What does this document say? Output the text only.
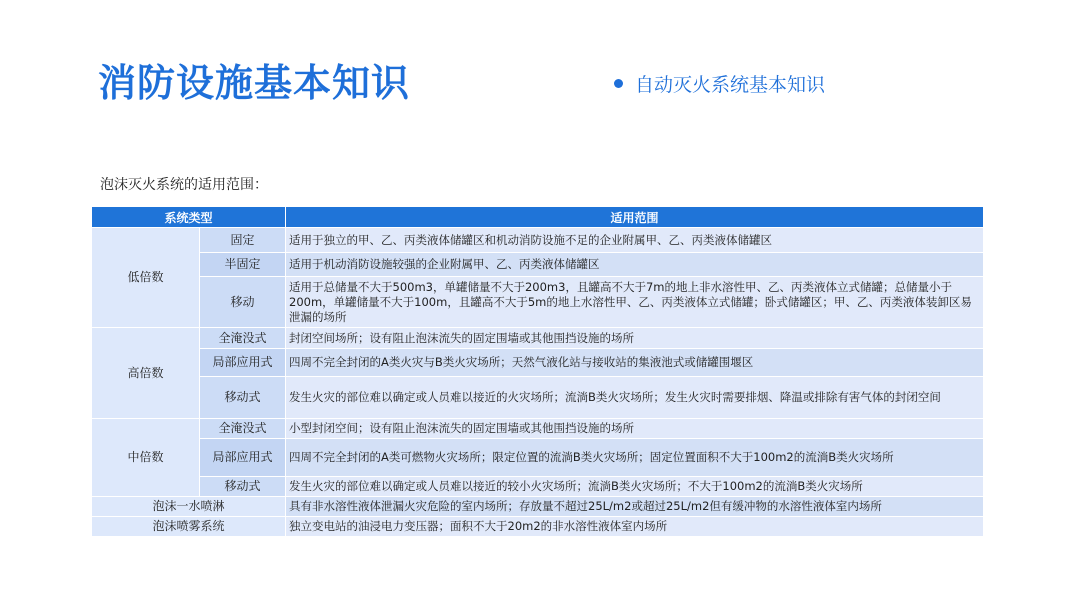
消防设施基本知识	自动灭火系统基本知识
泡沫灭火系统的适用范围：
系统类型		适用范围
低倍数	固定	适用于独立的甲、乙、丙类液体储罐区和机动消防设施不足的企业附属甲、乙、丙类液体储罐区
	半固定	适用于机动消防设施较强的企业附属甲、乙、丙类液体储罐区
	移动	适用于总储量不大于500m3，单罐储量不大于200m3，且罐高不大于7m的地上非水溶性甲、乙、丙类液体立式储罐；总储量小于200m，单罐储量不大于100m，且罐高不大于5m的地上水溶性甲、乙、丙类液体立式储罐；卧式储罐区；甲、乙、丙类液体装卸区易泄漏的场所
高倍数	全淹没式	封闭空间场所；设有阻止泡沫流失的固定围墙或其他围挡设施的场所
	局部应用式	四周不完全封闭的A类火灾与B类火灾场所；天然气液化站与接收站的集液池式或储罐围堰区
	移动式	发生火灾的部位难以确定或人员难以接近的火灾场所；流淌B类火灾场所；发生火灾时需要排烟、降温或排除有害气体的封闭空间
中倍数	全淹没式	小型封闭空间；设有阻止泡沫流失的固定围墙或其他围挡设施的场所
	局部应用式	四周不完全封闭的A类可燃物火灾场所；限定位置的流淌B类火灾场所；固定位置面积不大于100m2的流淌B类火灾场所
	移动式	发生火灾的部位难以确定或人员难以接近的较小火灾场所；流淌B类火灾场所；不大于100m2的流淌B类火灾场所
泡沫一水喷淋		具有非水溶性液体泄漏火灾危险的室内场所；存放量不超过25L/m2或超过25L/m2但有缓冲物的水溶性液体室内场所
泡沫喷雾系统		独立变电站的油浸电力变压器；面积不大于20m2的非水溶性液体室内场所
